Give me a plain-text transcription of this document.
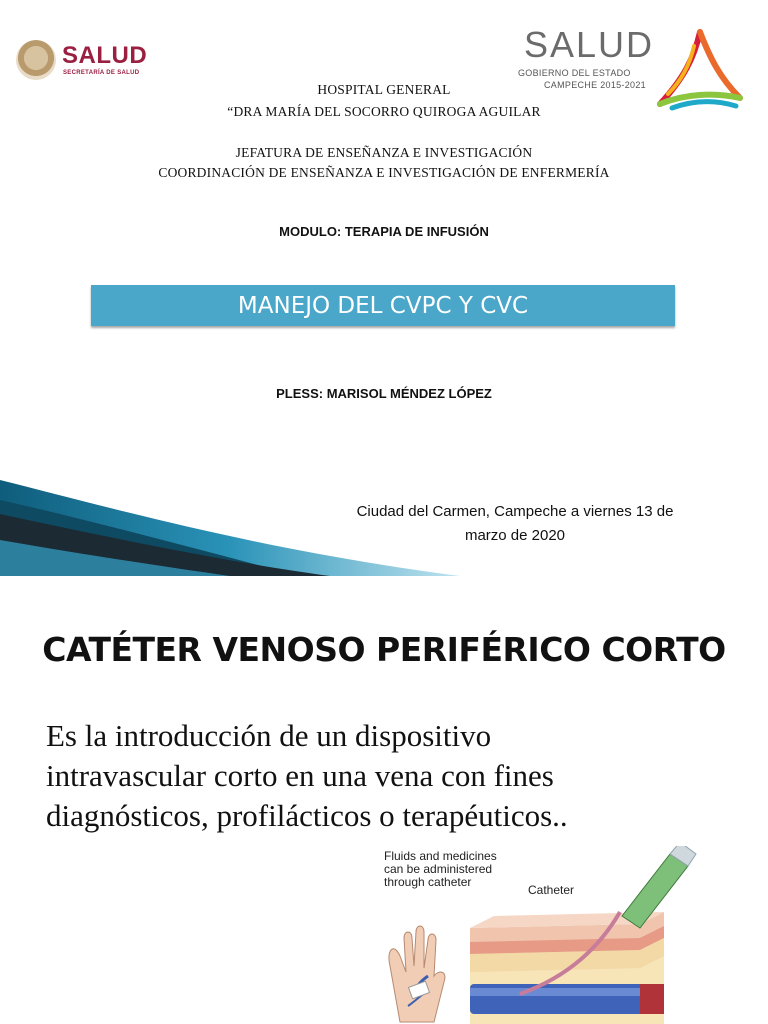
SALUD
SECRETARÍA DE SALUD
SALUD
GOBIERNO DEL ESTADO
CAMPECHE 2015-2021
HOSPITAL GENERAL
“DRA MARÍA DEL SOCORRO QUIROGA AGUILAR
JEFATURA DE ENSEÑANZA E INVESTIGACIÓN
COORDINACIÓN DE ENSEÑANZA E INVESTIGACIÓN DE ENFERMERÍA
MODULO: TERAPIA DE INFUSIÓN
MANEJO DEL CVPC Y CVC
PLESS: MARISOL MÉNDEZ LÓPEZ
Ciudad del Carmen, Campeche a viernes 13 de
marzo de 2020
CATÉTER VENOSO PERIFÉRICO CORTO
Es la introducción de un dispositivo
intravascular corto en una vena con fines
diagnósticos, profilácticos o terapéuticos..
Fluids and medicines
can be administered
through catheter
Catheter
